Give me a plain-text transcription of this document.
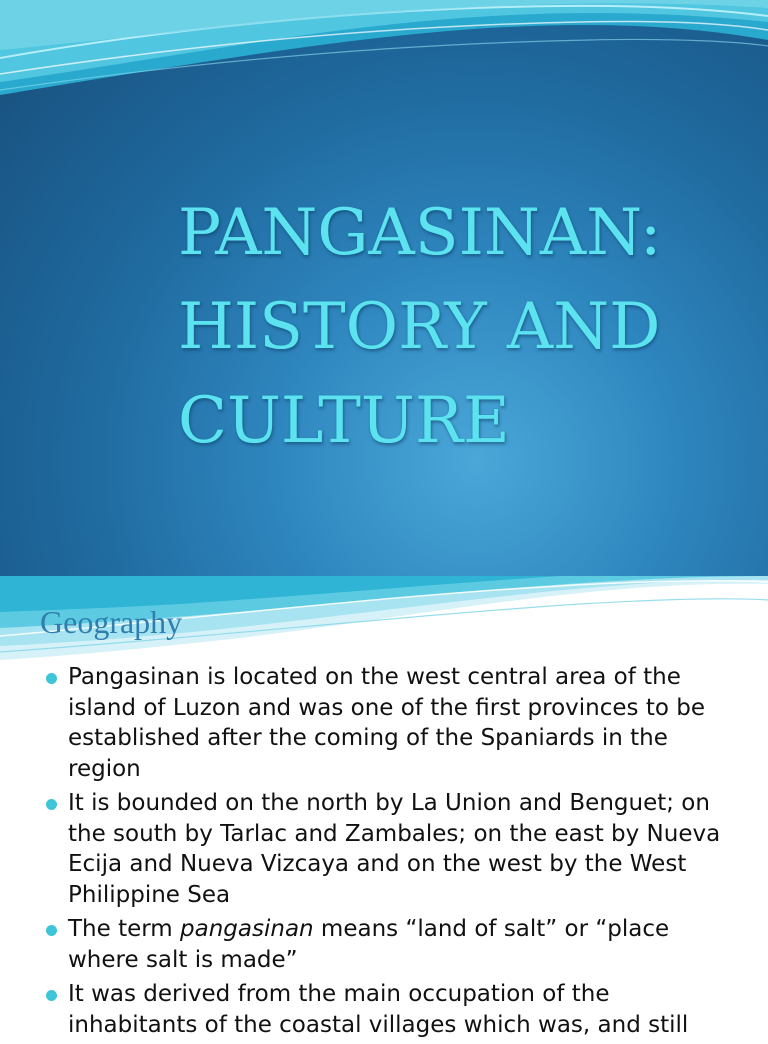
PANGASINAN:
HISTORY AND
CULTURE
Geography
Pangasinan is located on the west central area of the island of Luzon and was one of the first provinces to be established after the coming of the Spaniards in the region
It is bounded on the north by La Union and Benguet; on the south by Tarlac and Zambales; on the east by Nueva Ecija and Nueva Vizcaya and on the west by the West Philippine Sea
The term pangasinan means “land of salt” or “place where salt is made”
It was derived from the main occupation of the inhabitants of the coastal villages which was, and still
